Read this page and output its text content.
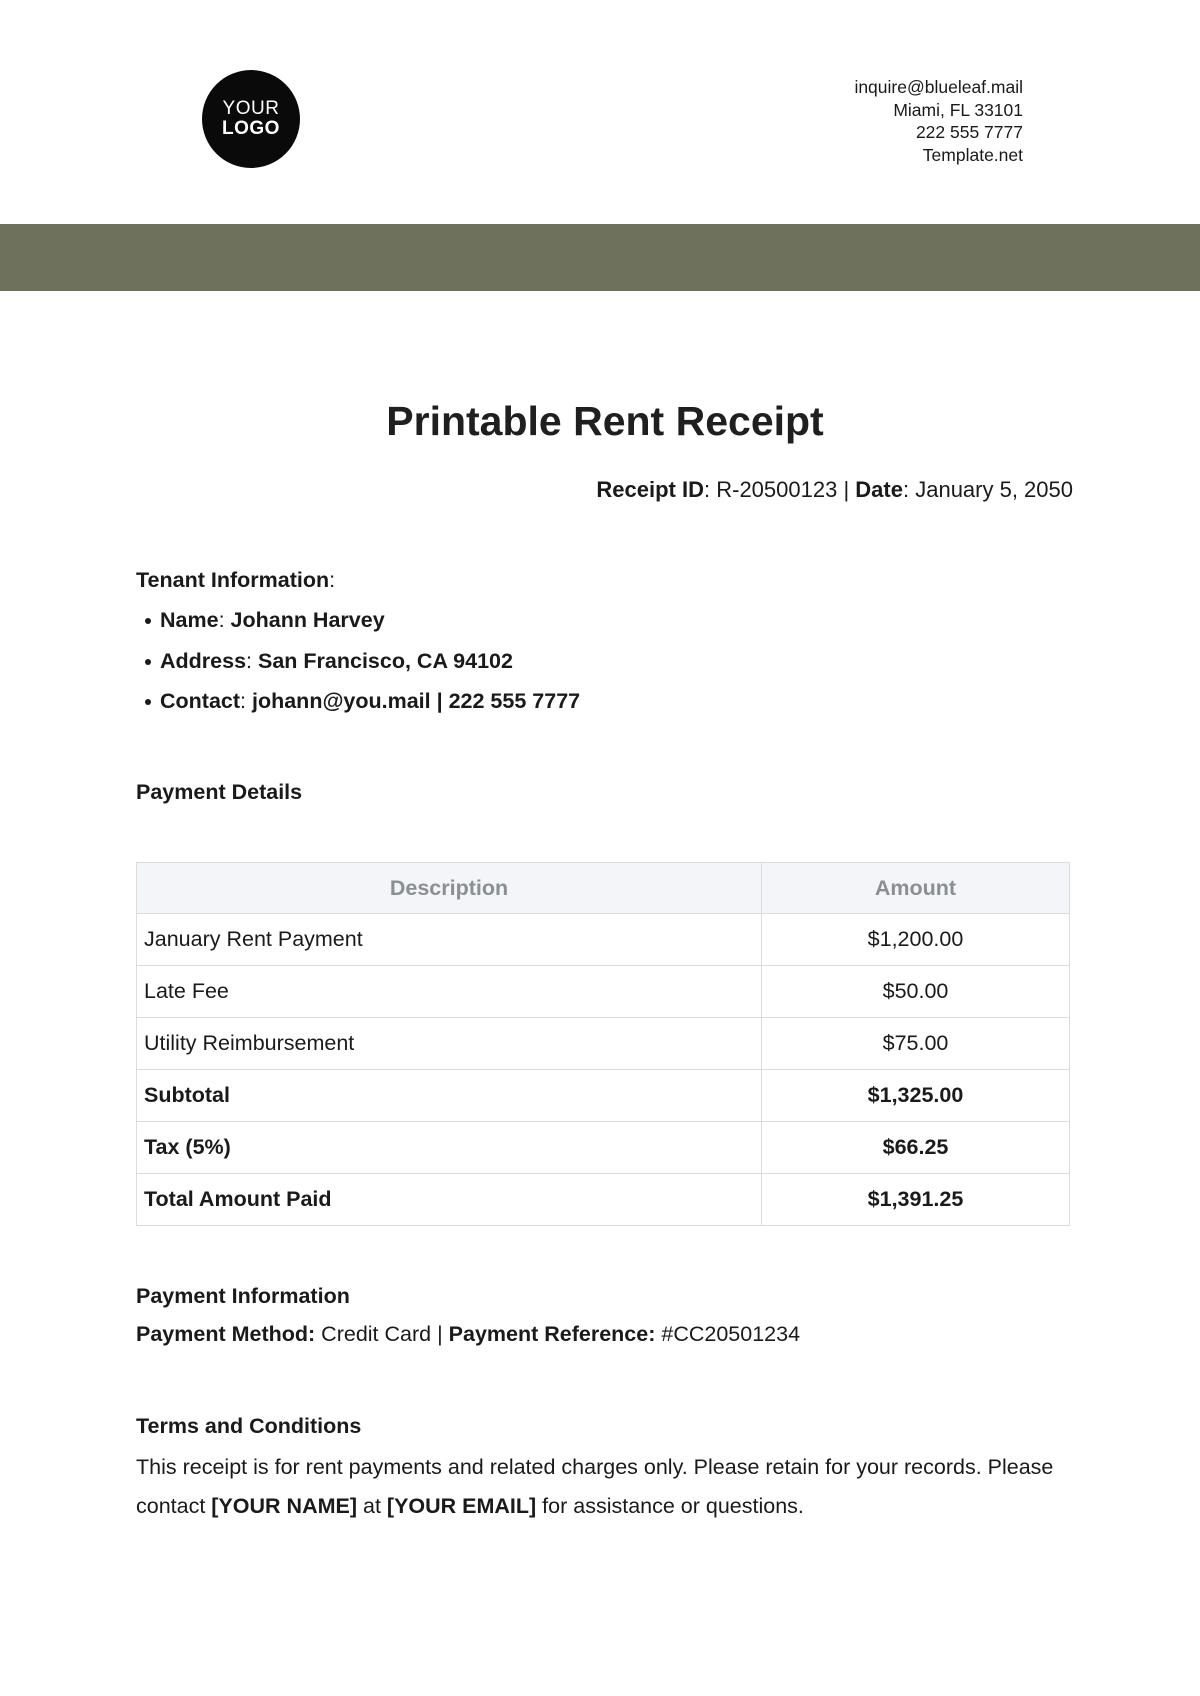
YOUR
LOGO
inquire@blueleaf.mail
Miami, FL 33101
222 555 7777
Template.net
Printable Rent Receipt
Receipt ID: R-20500123 | Date: January 5, 2050
Tenant Information:
Name: Johann Harvey
Address: San Francisco, CA 94102
Contact: johann@you.mail | 222 555 7777
Payment Details
Description	Amount
January Rent Payment	$1,200.00
Late Fee	$50.00
Utility Reimbursement	$75.00
Subtotal	$1,325.00
Tax (5%)	$66.25
Total Amount Paid	$1,391.25
Payment Information
Payment Method: Credit Card | Payment Reference: #CC20501234
Terms and Conditions

This receipt is for rent payments and related charges only. Please retain for your records. Please contact [YOUR NAME] at [YOUR EMAIL] for assistance or questions.
